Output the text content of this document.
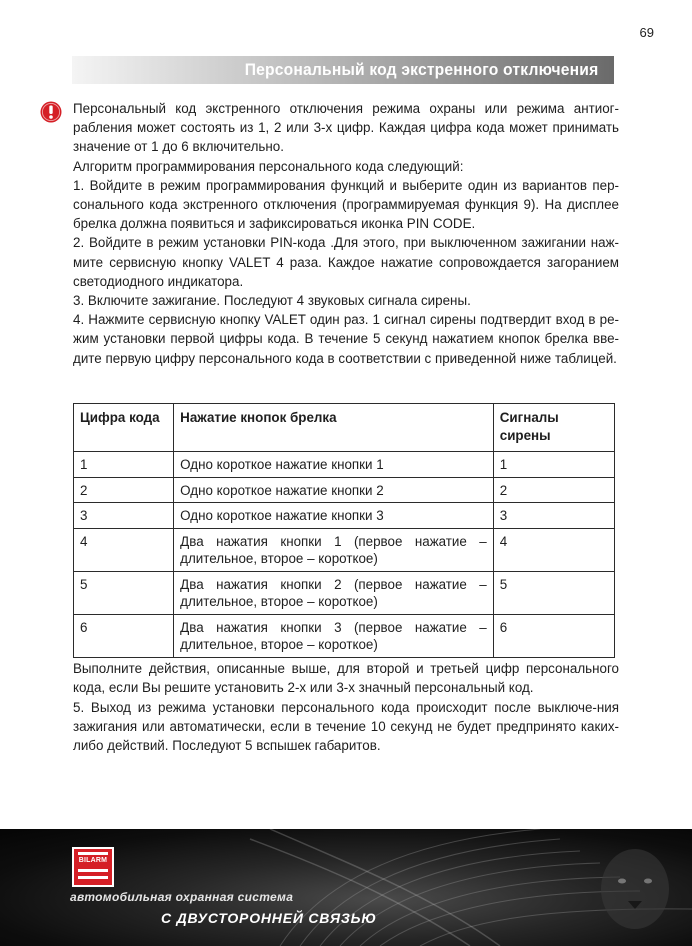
69
Персональный код экстренного отключения

Персональный код экстренного отключения режима охраны или режима антиог-рабления может состоять из 1, 2 или 3-х цифр. Каждая цифра кода может принимать значение от 1 до 6 включительно.

Алгоритм программирования персонального кода следующий:

1. Войдите в режим программирования функций и выберите один из вариантов пер-сонального кода экстренного отключения (программируемая функция 9). На дисплее брелка должна появиться и зафиксироваться иконка PIN CODE.

2. Войдите в режим установки PIN-кода .Для этого, при выключенном зажигании наж-мите сервисную кнопку VALET 4 раза. Каждое нажатие сопровождается загоранием светодиодного индикатора.

3. Включите зажигание. Последуют 4 звуковых сигнала сирены.

4. Нажмите сервисную кнопку VALET один раз. 1 сигнал сирены подтвердит вход в ре-жим установки первой цифры кода. В течение 5 секунд нажатием кнопок брелка вве-дите первую цифру персонального кода в соответствии с приведенной ниже таблицей.

Цифра кода	Нажатие кнопок брелка	Сигналы сирены
1	Одно короткое нажатие кнопки 1	1
2	Одно короткое нажатие кнопки 2	2
3	Одно короткое нажатие кнопки 3	3
4	Два нажатия кнопки 1 (первое нажатие – длительное, второе – короткое)	4
5	Два нажатия кнопки 2 (первое нажатие – длительное, второе – короткое)	5
6	Два нажатия кнопки 3 (первое нажатие – длительное, второе – короткое)	6

Выполните действия, описанные выше, для второй и третьей цифр персонального кода, если Вы решите установить 2-х или 3-х значный персональный код.

5. Выход из режима установки персонального кода происходит после выключе-ния зажигания или автоматически, если в течение 10 секунд не будет предпринято каких-либо действий. Последуют 5 вспышек габаритов.

BILARM
автомобильная охранная система
С ДВУСТОРОННЕЙ СВЯЗЬЮ
